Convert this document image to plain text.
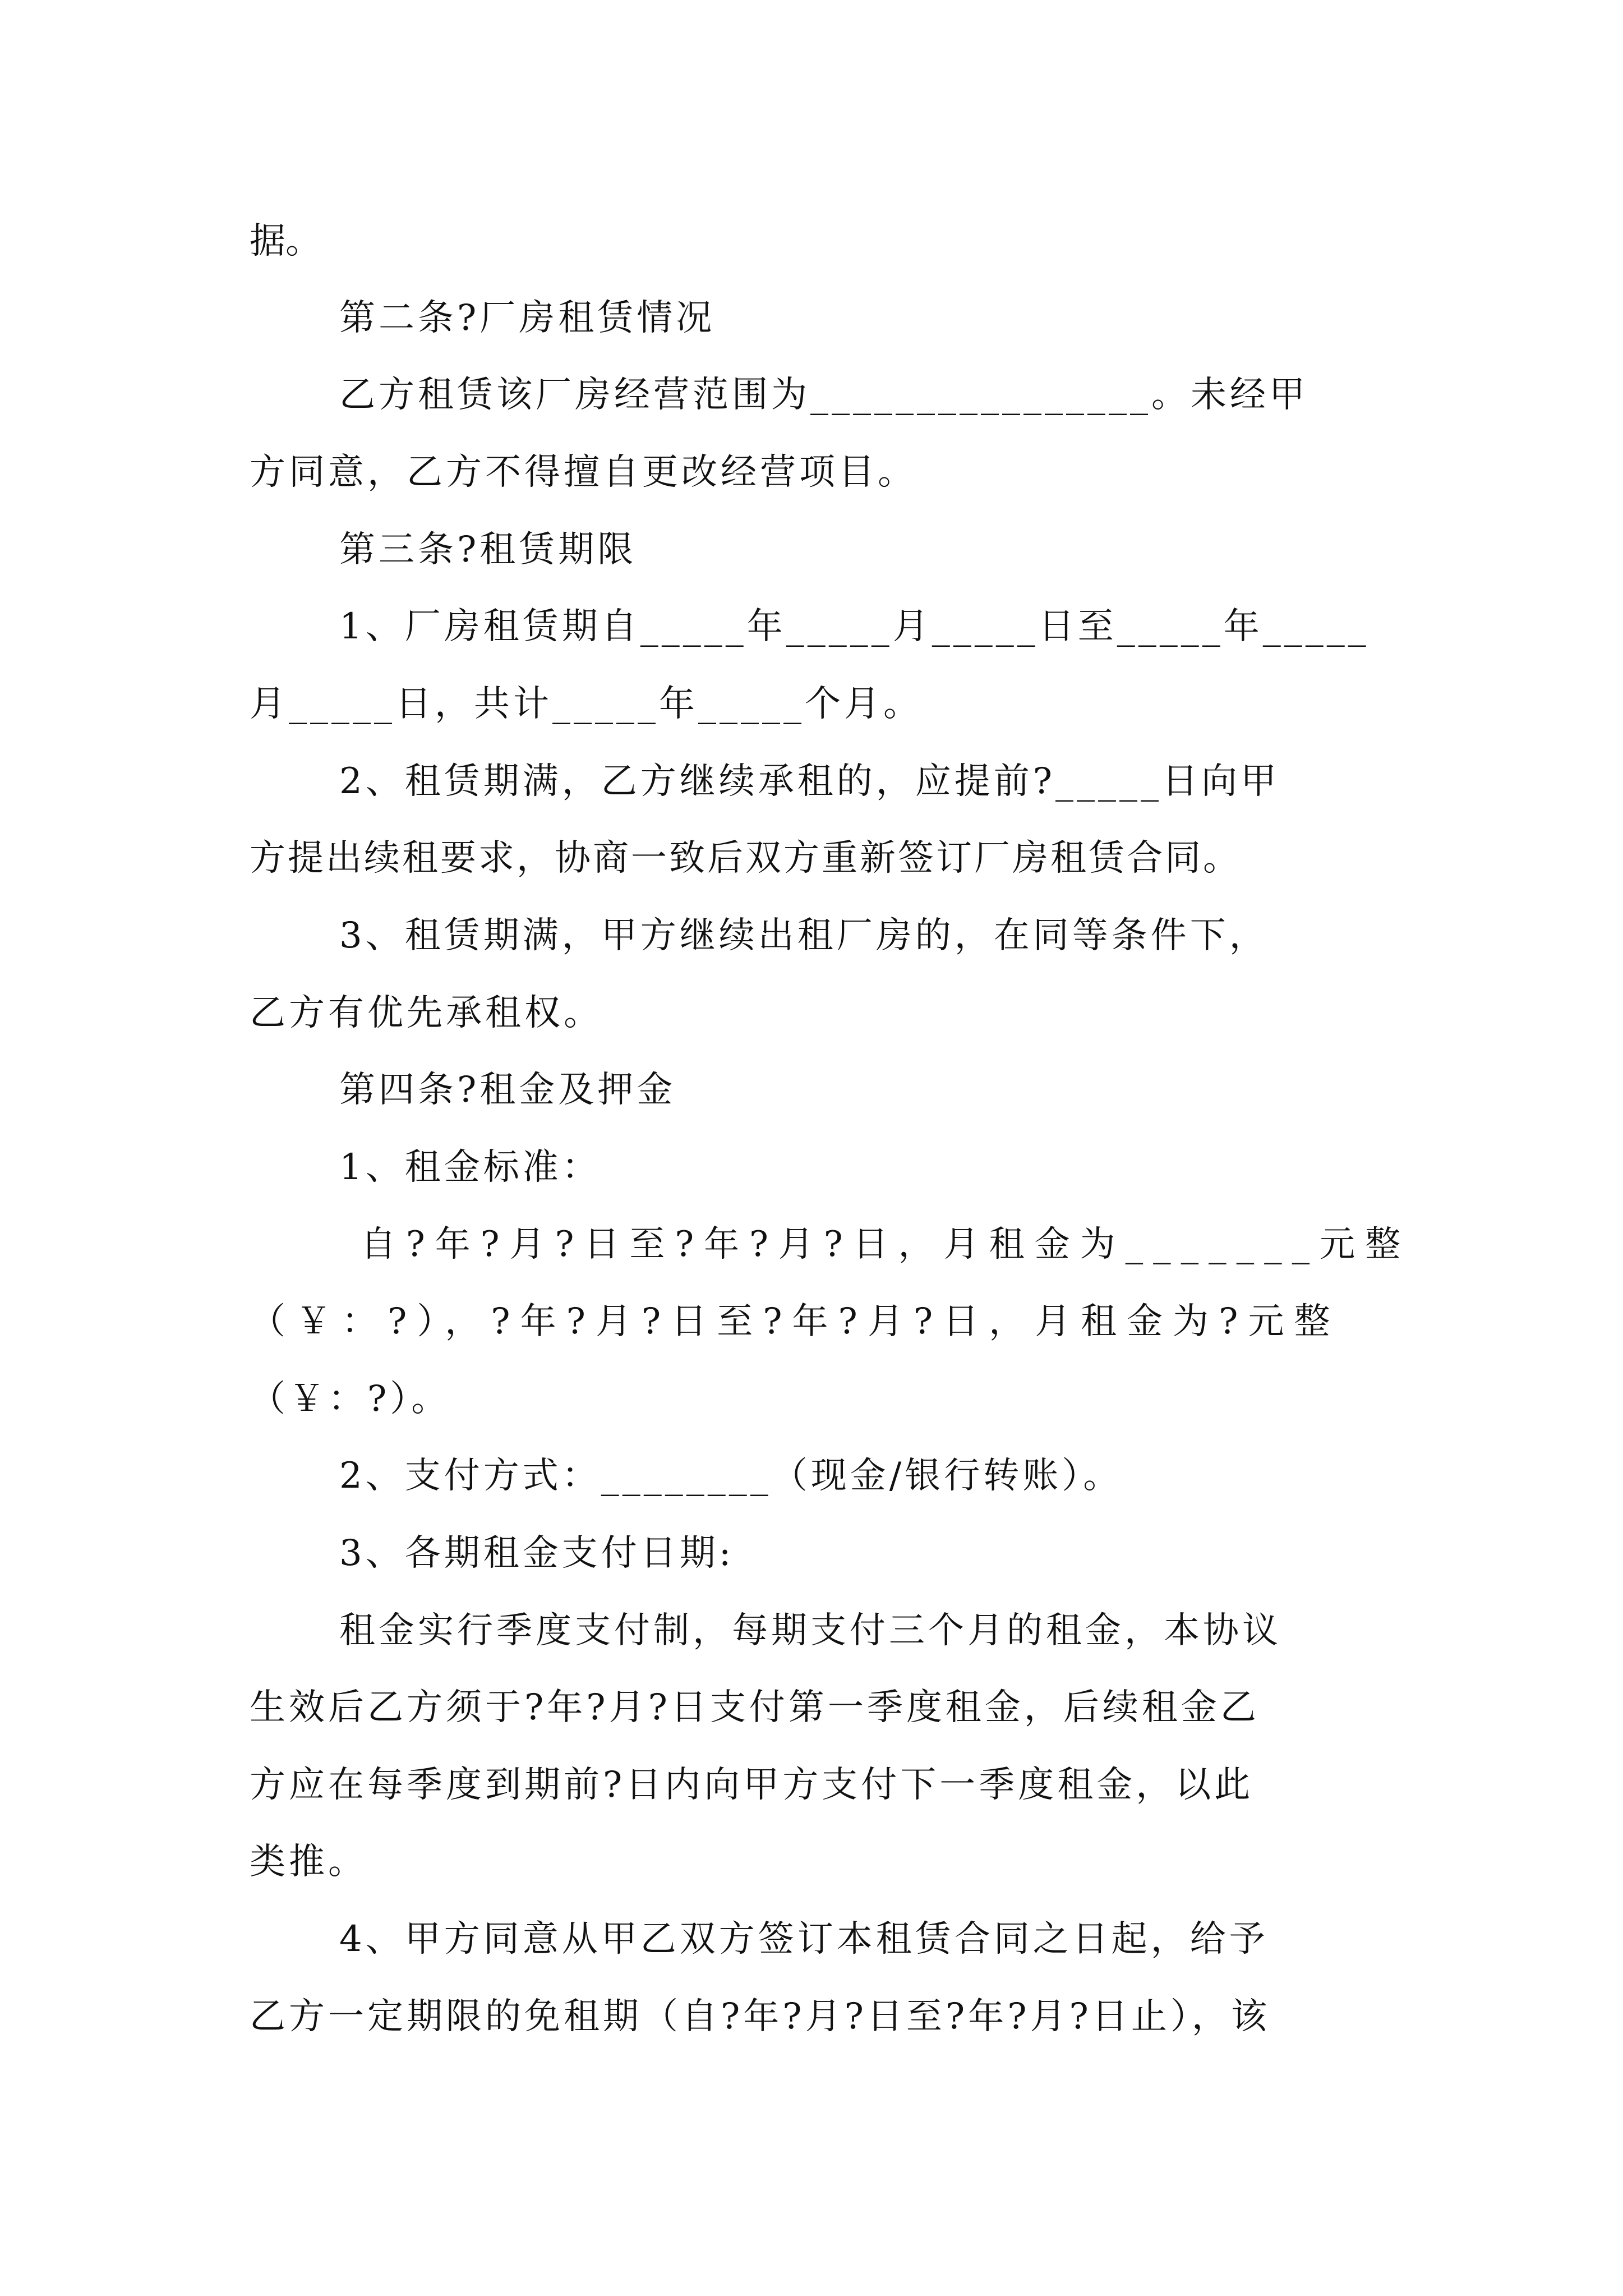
据。
第二条?厂房租赁情况
乙方租赁该厂房经营范围为________________。未经甲
方同意，乙方不得擅自更改经营项目。
第三条?租赁期限
1、厂房租赁期自_____年_____月_____日至_____年_____
月_____日，共计_____年_____个月。
2、租赁期满，乙方继续承租的，应提前?_____日向甲
方提出续租要求，协商一致后双方重新签订厂房租赁合同。
3、租赁期满，甲方继续出租厂房的，在同等条件下，
乙方有优先承租权。
第四条?租金及押金
1、租金标准：
自?年?月?日至?年?月?日，月租金为_______元整
（￥：?），?年?月?日至?年?月?日，月租金为?元整
（￥：?）。
2、支付方式：________（现金/银行转账）。
3、各期租金支付日期:
租金实行季度支付制，每期支付三个月的租金，本协议
生效后乙方须于?年?月?日支付第一季度租金，后续租金乙
方应在每季度到期前?日内向甲方支付下一季度租金，以此
类推。
4、甲方同意从甲乙双方签订本租赁合同之日起，给予
乙方一定期限的免租期（自?年?月?日至?年?月?日止），该
